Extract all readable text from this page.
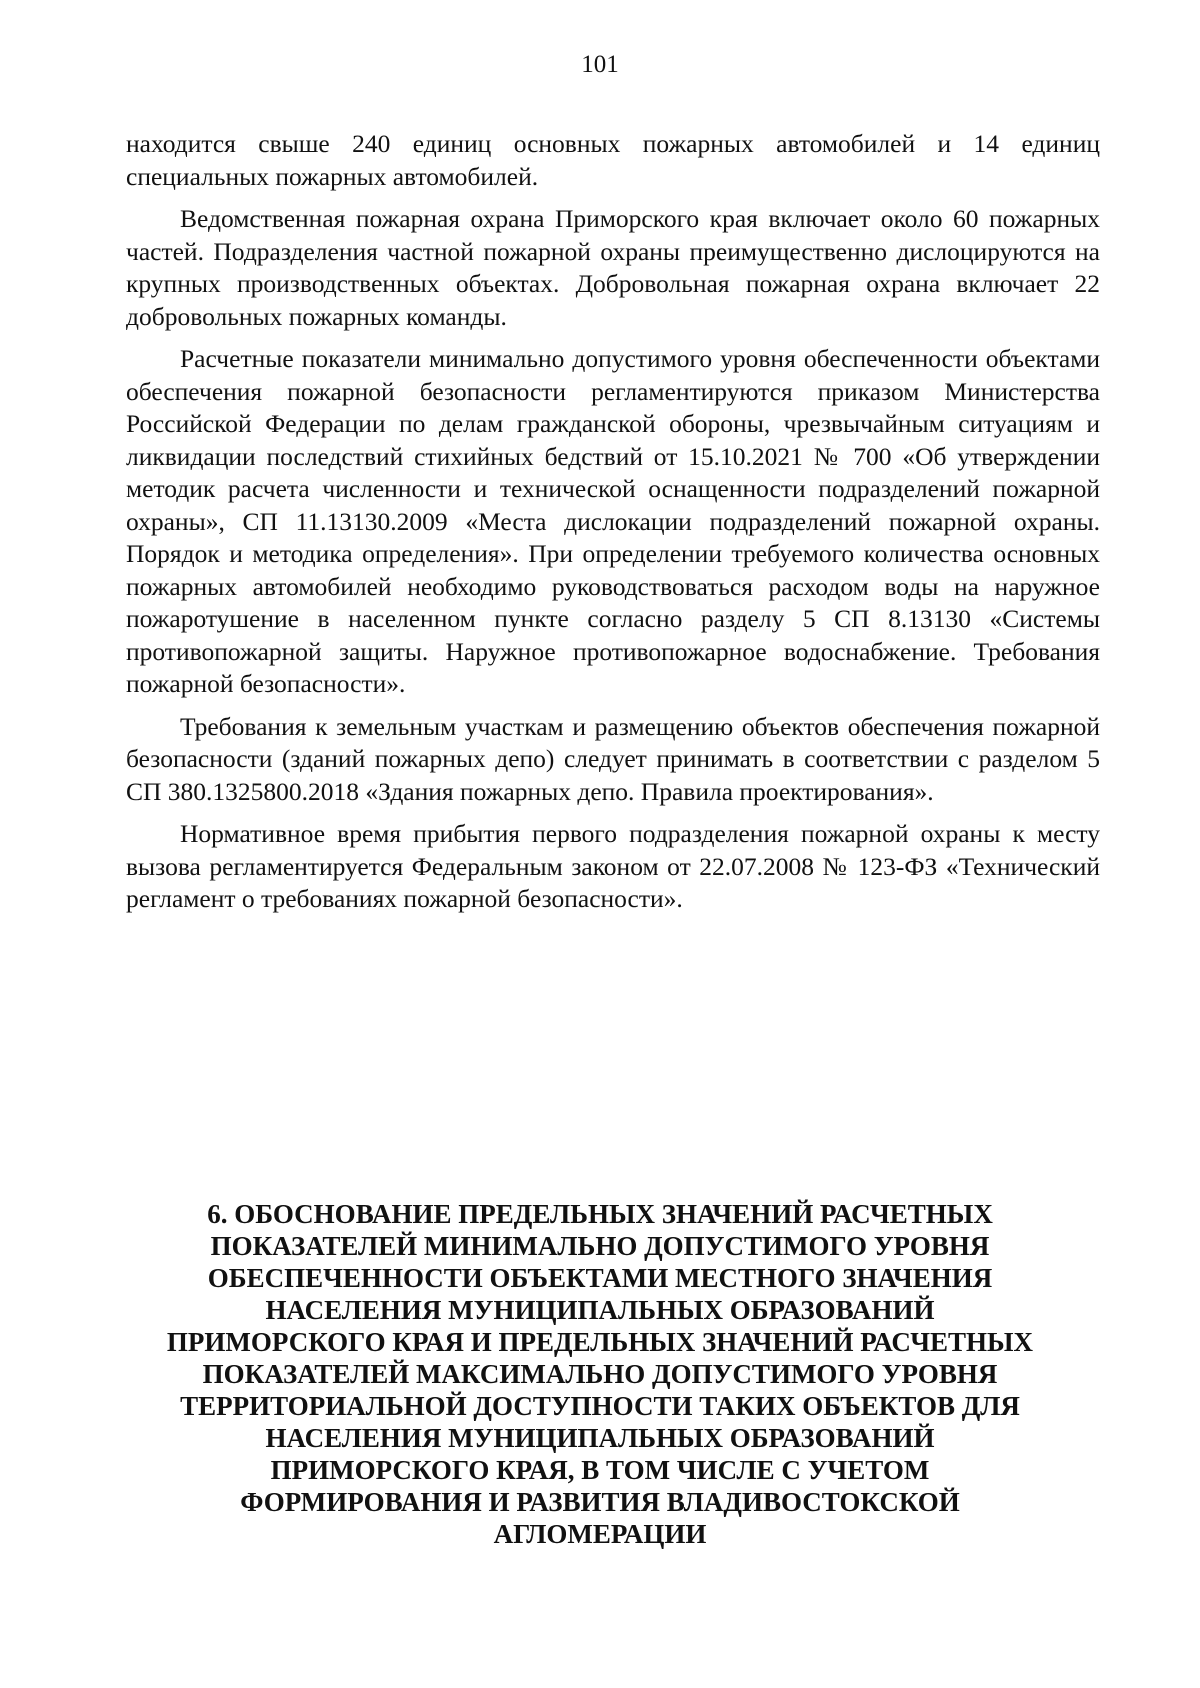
101

находится свыше 240 единиц основных пожарных автомобилей и 14 единиц специальных пожарных автомобилей.

Ведомственная пожарная охрана Приморского края включает около 60 пожарных частей. Подразделения частной пожарной охраны преимущественно дислоцируются на крупных производственных объектах. Добровольная пожарная охрана включает 22 добровольных пожарных команды.

Расчетные показатели минимально допустимого уровня обеспеченности объектами обеспечения пожарной безопасности регламентируются приказом Министерства Российской Федерации по делам гражданской обороны, чрезвычайным ситуациям и ликвидации последствий стихийных бедствий от 15.10.2021 № 700 «Об утверждении методик расчета численности и технической оснащенности подразделений пожарной охраны», СП 11.13130.2009 «Места дислокации подразделений пожарной охраны. Порядок и методика определения». При определении требуемого количества основных пожарных автомобилей необходимо руководствоваться расходом воды на наружное пожаротушение в населенном пункте согласно разделу 5 СП 8.13130 «Системы противопожарной защиты. Наружное противопожарное водоснабжение. Требования пожарной безопасности».

Требования к земельным участкам и размещению объектов обеспечения пожарной безопасности (зданий пожарных депо) следует принимать в соответствии с разделом 5 СП 380.1325800.2018 «Здания пожарных депо. Правила проектирования».

Нормативное время прибытия первого подразделения пожарной охраны к месту вызова регламентируется Федеральным законом от 22.07.2008 № 123-ФЗ «Технический регламент о требованиях пожарной безопасности».

6. ОБОСНОВАНИЕ ПРЕДЕЛЬНЫХ ЗНАЧЕНИЙ РАСЧЕТНЫХ
ПОКАЗАТЕЛЕЙ МИНИМАЛЬНО ДОПУСТИМОГО УРОВНЯ
ОБЕСПЕЧЕННОСТИ ОБЪЕКТАМИ МЕСТНОГО ЗНАЧЕНИЯ
НАСЕЛЕНИЯ МУНИЦИПАЛЬНЫХ ОБРАЗОВАНИЙ
ПРИМОРСКОГО КРАЯ И ПРЕДЕЛЬНЫХ ЗНАЧЕНИЙ РАСЧЕТНЫХ
ПОКАЗАТЕЛЕЙ МАКСИМАЛЬНО ДОПУСТИМОГО УРОВНЯ
ТЕРРИТОРИАЛЬНОЙ ДОСТУПНОСТИ ТАКИХ ОБЪЕКТОВ ДЛЯ
НАСЕЛЕНИЯ МУНИЦИПАЛЬНЫХ ОБРАЗОВАНИЙ
ПРИМОРСКОГО КРАЯ, В ТОМ ЧИСЛЕ С УЧЕТОМ
ФОРМИРОВАНИЯ И РАЗВИТИЯ ВЛАДИВОСТОКСКОЙ
АГЛОМЕРАЦИИ
